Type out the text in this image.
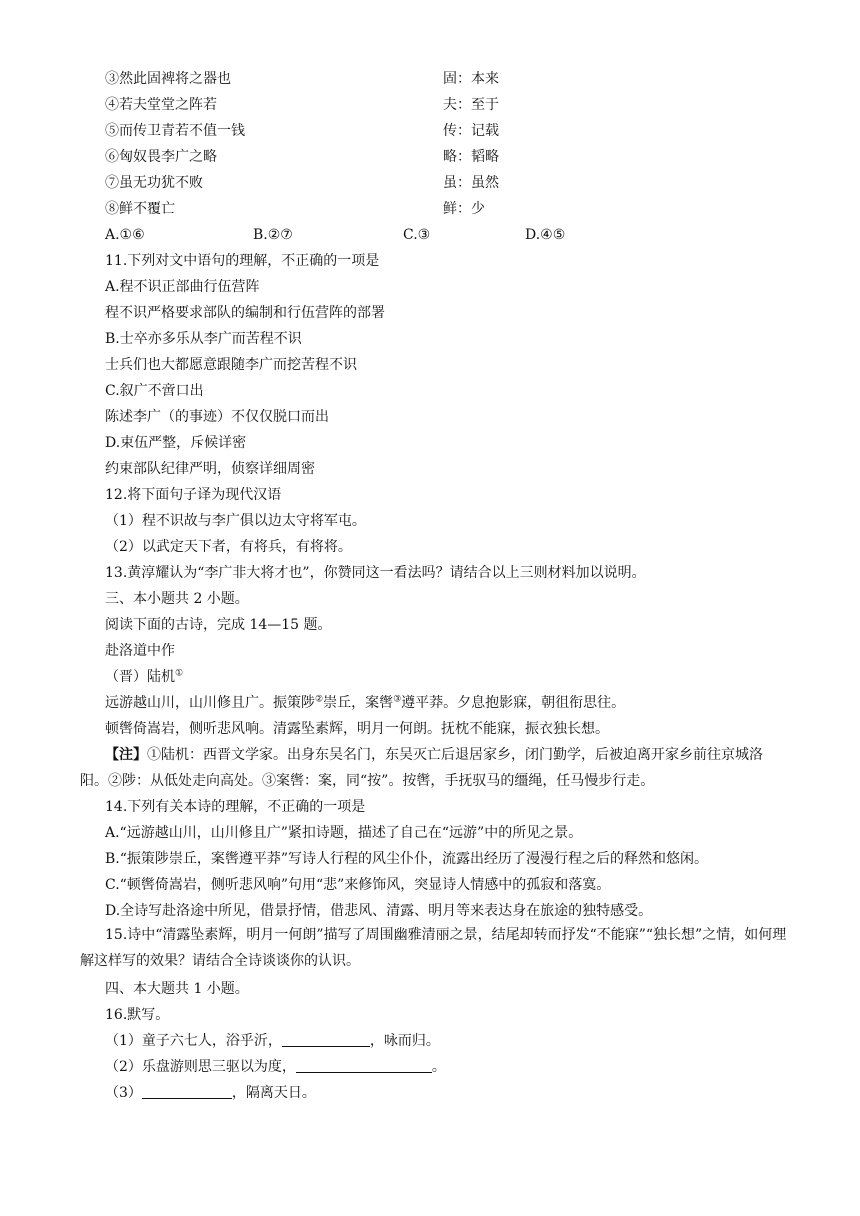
③然此固裨将之器也	固：本来
④若夫堂堂之阵若	夫：至于
⑤而传卫青若不值一钱	传：记载
⑥匈奴畏李广之略	略：韬略
⑦虽无功犹不败	虽：虽然
⑧鲜不覆亡	鲜：少
A.①⑥	B.②⑦	C.③	D.④⑤
11.下列对文中语句的理解，不正确的一项是
A.程不识正部曲行伍营阵
程不识严格要求部队的编制和行伍营阵的部署
B.士卒亦多乐从李广而苦程不识
士兵们也大都愿意跟随李广而挖苦程不识
C.叙广不啻口出
陈述李广（的事迹）不仅仅脱口而出
D.束伍严整，斥候详密
约束部队纪律严明，侦察详细周密
12.将下面句子译为现代汉语
（1）程不识故与李广俱以边太守将军屯。
（2）以武定天下者，有将兵，有将将。
13.黄淳耀认为“李广非大将才也”，你赞同这一看法吗？请结合以上三则材料加以说明。
三、本小题共 2 小题。
阅读下面的古诗，完成 14—15 题。
赴洛道中作
（晋）陆机①
远游越山川，山川修且广。振策陟②崇丘，案辔③遵平莽。夕息抱影寐，朝徂衔思往。
顿辔倚嵩岩，侧听悲风响。清露坠素辉，明月一何朗。抚枕不能寐，振衣独长想。
【注】①陆机：西晋文学家。出身东吴名门，东吴灭亡后退居家乡，闭门勤学，后被迫离开家乡前往京城洛阳。②陟：从低处走向高处。③案辔：案，同“按”。按辔，手抚驭马的缰绳，任马慢步行走。
14.下列有关本诗的理解，不正确的一项是
A.“远游越山川，山川修且广”紧扣诗题，描述了自己在“远游”中的所见之景。
B.“振策陟崇丘，案辔遵平莽”写诗人行程的风尘仆仆，流露出经历了漫漫行程之后的释然和悠闲。
C.“顿辔倚嵩岩，侧听悲风响”句用“悲”来修饰风，突显诗人情感中的孤寂和落寞。
D.全诗写赴洛途中所见，借景抒情，借悲风、清露、明月等来表达身在旅途的独特感受。
15.诗中“清露坠素辉，明月一何朗”描写了周围幽雅清丽之景，结尾却转而抒发“不能寐”“独长想”之情，如何理解这样写的效果？请结合全诗谈谈你的认识。
四、本大题共 1 小题。
16.默写。
（1）童子六七人，浴乎沂，	，咏而归。
（2）乐盘游则思三驱以为度，	。
（3）	，隔离天日。
